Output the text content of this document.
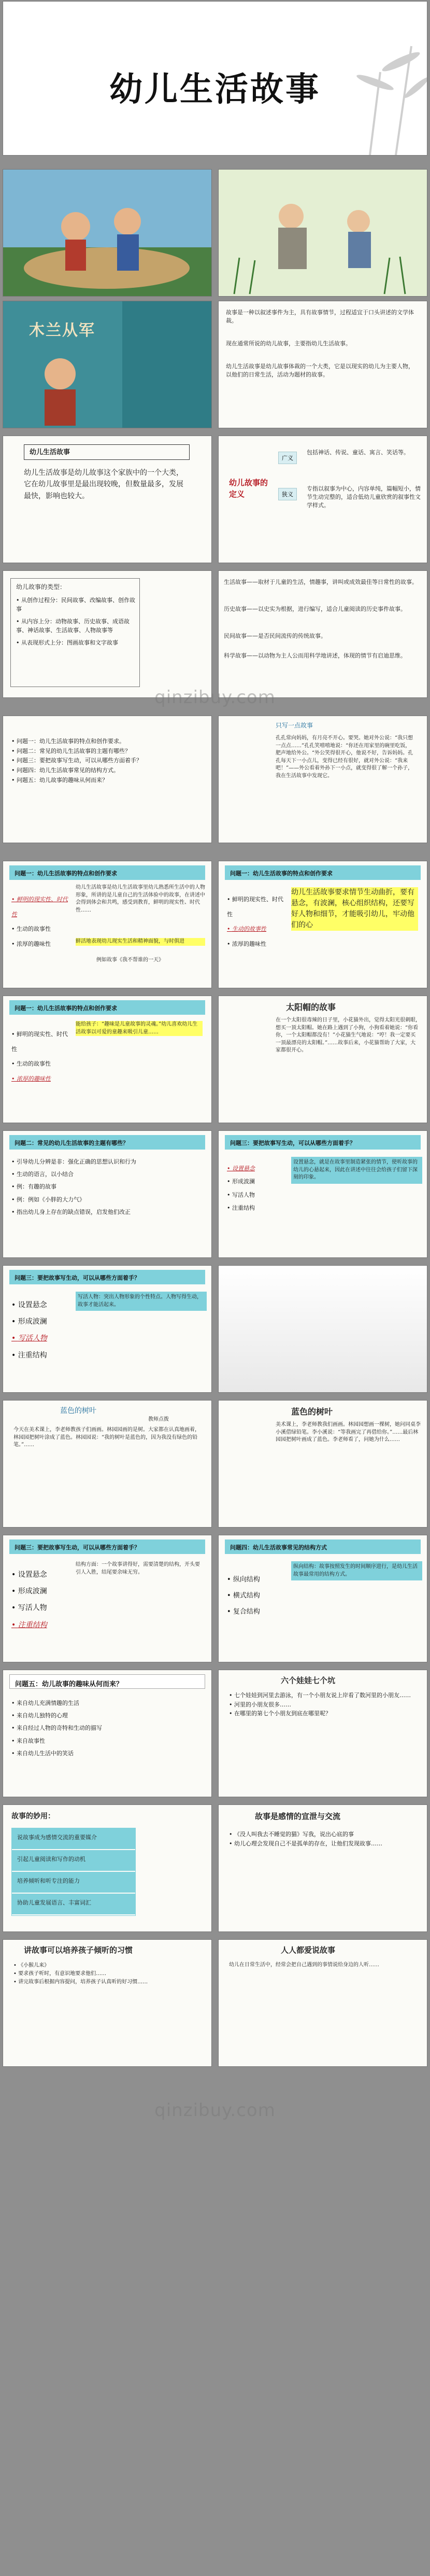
幼儿生活故事
木兰从军
故事是一种以叙述事件为主，具有故事情节，过程适宜于口头讲述的文学体裁。
现在通常所说的幼儿故事，主要指幼儿生活故事。
幼儿生活故事是幼儿故事体裁的一个大类，它是以现实的幼儿为主要人物，以他们的日常生活，活动为题材的故事。
幼儿生活故事
幼儿生活故事是幼儿故事这个家族中的一个大类，它在幼儿故事里是最出现较晚，但数量最多，发展最快，影响也较大。
幼儿故事的定义
广义
包括神话、传说、童话、寓言、笑话等。
狭义
专指以叙事为中心，内容单纯，篇幅短小，情节生动完整的，适合低幼儿童欣赏的叙事性文学样式。
幼儿故事的类型：
• 从创作过程分：民间故事、改编故事、创作故事
• 从内容上分：动物故事、历史故事、成语故事、神话故事、生活故事、人物故事等
• 从表现形式上分：图画故事和文字故事
生活故事——取材于儿童的生活，情趣事，讲叫或成效最佳等日常性的故事。
历史故事——以史实为根据，进行编写，适合儿童阅读的历史事件故事。
民间故事——是否民间流传的传统故事。
科学故事——以动物为主人公而用科学地讲述，体现的情节有启迪思维。
qinzibuy.com
• 问题一：幼儿生活故事的特点和创作要求。
• 问题二：常见的幼儿生活故事的主题有哪些？
• 问题三：要把故事写生动，可以从哪些方面着手？
• 问题四：幼儿生活故事常见的结构方式。
• 问题五：幼儿故事的趣味从何而来？
只写一点故事
孔孔常向妈妈，有月亮不开心。要哭。她对外公说：“我只想一点点……”孔孔笑嘻嘻地说：“你还在用家里的碗里吃饭，肥声地给外公。“外公笑得很开心，他说不好，告诉妈妈。孔孔每天下一小点儿，变得已经有很好，就对外公说：“我来吧！”——外公看着外孙下一小点，就变得很了解一个孙子，我在生活故事中发现它。
问题一：幼儿生活故事的特点和创作要求
• 鲜明的现实性、时代性
• 生动的故事性
• 浓厚的趣味性
幼儿生活故事是幼儿生活故事里幼儿熟悉所生活中的人物形象，所讲的是儿童自己的生活体验中的故事，在讲述中会得到体会和共鸣，感受到教育，鲜明的现实性、时代性……
鲜活地表现幼儿现实生活和精神面貌，与时俱进
例如故事《我不帮谁的一天》
问题一：幼儿生活故事的特点和创作要求
• 鲜明的现实性、时代性
• 生动的故事性
• 浓厚的趣味性
幼儿生活故事要求情节生动曲折，要有悬念，有波澜，核心组织结构，还要写好人物和细节，才能吸引幼儿，牢动他们的心
问题一：幼儿生活故事的特点和创作要求
• 鲜明的现实性、时代性
• 生动的故事性
• 浓厚的趣味性
能给孩子：“趣味是儿童故事的灵魂。”幼儿喜欢幼儿生活故事以可爱的童趣来吸引儿童……
太阳帽的故事
在一个太阳很毒辣的日子里，小花猫外出，觉得太阳光很刺眼，想买一顶太阳帽。她在路上遇到了小狗，小狗看着她说：“你看你，一个太阳帽都没有！”小花猫生气地说：“哼！我一定要买一顶最漂亮的太阳帽。”……故事后来，小花猫帮助了大家，大家都很开心。
问题二：常见的幼儿生活故事的主题有哪些？
• 引导幼儿分辨是非：强化正确的思想认识和行为
• 生动的语言，以小结合
• 例：有趣的故事
• 例：例如《小胖的大力气》
• 指出幼儿身上存在的缺点错误，启发他们改正
问题三：要把故事写生动，可以从哪些方面着手？
• 设置悬念
• 形成波澜
• 写活人物
• 注重结构
设置悬念，就是在故事里制造紧张的情节，使听故事的幼儿的心悬起来，因此在讲述中往往会给孩子们留下深刻的印象。
问题三：要把故事写生动，可以从哪些方面着手？
• 设置悬念
• 形成波澜
• 写活人物
• 注重结构
写活人物：突出人物形象的个性特点。人物写得生动，故事才能活起来。
蓝色的树叶
教师点拨
今天在美术课上，李老师教孩子们画画。林园园画的是树。大家都在认真地画着，林园园把树叶涂成了蓝色。林园园说：“我的树叶是蓝色的，因为我没有绿色的铅笔。”……
蓝色的树叶
美术课上，李老师教我们画画。林园园想画一棵树，她问同桌李小溪借绿铅笔。李小溪说：“等我画完了再借给你。”……最后林园园把树叶画成了蓝色。李老师看了，问她为什么……
问题三：要把故事写生动，可以从哪些方面着手？
• 设置悬念
• 形成波澜
• 写活人物
• 注重结构
结构方面：一个故事讲得好，需要清楚的结构，开头要引人入胜，结尾要余味无穷。
问题四：幼儿生活故事常见的结构方式
• 纵向结构
• 横式结构
• 复合结构
纵向结构：故事按照发生的时间顺序进行，是幼儿生活故事最常用的结构方式。
问题五：幼儿故事的趣味从何而来？
• 来自幼儿充满情趣的生活
• 来自幼儿独特的心理
• 来自经过人物的奇特和生动的描写
• 来自故事性
• 来自幼儿生活中的笑话
六个娃娃七个坑
• 七个娃娃到河里去游泳，有一个小朋友说上岸看了数河里的小朋友……
• 河里的小朋友很多……
• 在哪里的第七个小朋友到底在哪里呢？
故事的妙用：
说故事成为感情交流的重要媒介
引起儿童阅读和写作的动机
培养倾听和听专注的能力
协助儿童发展语言、丰富词汇
故事是感情的宣泄与交流
• 《没人叫我去不睡觉的猫》写我，说出心底的事
• 幼儿心理会发现自己不是孤单的存在，让他们发现故事……
讲故事可以培养孩子倾听的习惯
• 《小猴儿来》
• 要求孩子听时，有意识地要求他们……
• 讲完故事后根据内容提问，培养孩子认真听的好习惯……
人人都爱说故事
幼儿在日常生活中，经常会把自己遇到的事情说给身边的人听……
qinzibuy.com
